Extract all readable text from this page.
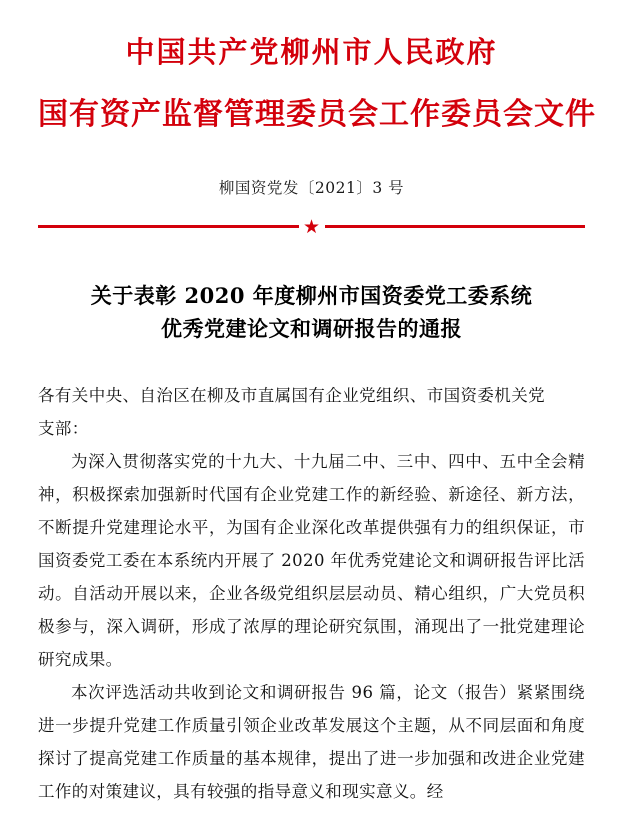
中国共产党柳州市人民政府
国有资产监督管理委员会工作委员会文件
柳国资党发〔2021〕3 号
★
关于表彰 2020 年度柳州市国资委党工委系统
优秀党建论文和调研报告的通报

各有关中央、自治区在柳及市直属国有企业党组织、市国资委机关党

支部：

为深入贯彻落实党的十九大、十九届二中、三中、四中、五中全会精神，积极探索加强新时代国有企业党建工作的新经验、新途径、新方法，不断提升党建理论水平，为国有企业深化改革提供强有力的组织保证，市国资委党工委在本系统内开展了 2020 年优秀党建论文和调研报告评比活动。自活动开展以来，企业各级党组织层层动员、精心组织，广大党员积极参与，深入调研，形成了浓厚的理论研究氛围，涌现出了一批党建理论研究成果。

本次评选活动共收到论文和调研报告 96 篇，论文（报告）紧紧围绕进一步提升党建工作质量引领企业改革发展这个主题，从不同层面和角度探讨了提高党建工作质量的基本规律，提出了进一步加强和改进企业党建工作的对策建议，具有较强的指导意义和现实意义。经
